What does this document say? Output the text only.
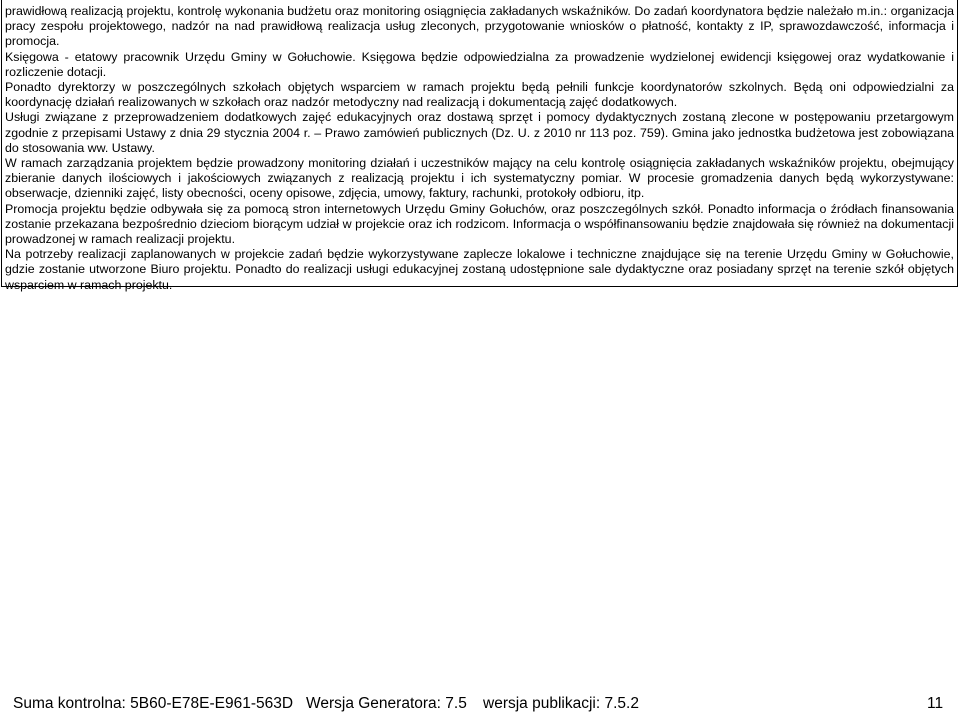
prawidłową realizacją projektu, kontrolę wykonania budżetu oraz monitoring osiągnięcia zakładanych wskaźników. Do zadań koordynatora będzie należało m.in.: organizacja pracy zespołu projektowego, nadzór na nad prawidłową realizacja usług zleconych, przygotowanie wniosków o płatność, kontakty z IP, sprawozdawczość, informacja i promocja.

Księgowa - etatowy pracownik Urzędu Gminy w Gołuchowie. Księgowa będzie odpowiedzialna za prowadzenie wydzielonej ewidencji księgowej oraz wydatkowanie i rozliczenie dotacji.

Ponadto dyrektorzy w poszczególnych szkołach objętych wsparciem w ramach projektu będą pełnili funkcje koordynatorów szkolnych. Będą oni odpowiedzialni za koordynację działań realizowanych w szkołach oraz nadzór metodyczny nad realizacją i dokumentacją zajęć dodatkowych.

Usługi związane z przeprowadzeniem dodatkowych zajęć edukacyjnych oraz dostawą sprzęt i pomocy dydaktycznych zostaną zlecone w postępowaniu przetargowym zgodnie z przepisami Ustawy z dnia 29 stycznia 2004 r. – Prawo zamówień publicznych (Dz. U. z 2010 nr 113 poz. 759). Gmina jako jednostka budżetowa jest zobowiązana do stosowania ww. Ustawy.

W ramach zarządzania projektem będzie prowadzony monitoring działań i uczestników mający na celu kontrolę osiągnięcia zakładanych wskaźników projektu, obejmujący zbieranie danych ilościowych i jakościowych związanych z realizacją projektu i ich systematyczny pomiar. W procesie gromadzenia danych będą wykorzystywane: obserwacje, dzienniki zajęć, listy obecności, oceny opisowe, zdjęcia, umowy, faktury, rachunki, protokoły odbioru, itp.

Promocja projektu będzie odbywała się za pomocą stron internetowych Urzędu Gminy Gołuchów, oraz poszczególnych szkół. Ponadto informacja o źródłach finansowania zostanie przekazana bezpośrednio dzieciom biorącym udział w projekcie oraz ich rodzicom. Informacja o współfinansowaniu będzie znajdowała się również na dokumentacji prowadzonej w ramach realizacji projektu.

Na potrzeby realizacji zaplanowanych w projekcie zadań będzie wykorzystywane zaplecze lokalowe i techniczne znajdujące się na terenie Urzędu Gminy w Gołuchowie, gdzie zostanie utworzone Biuro projektu. Ponadto do realizacji usługi edukacyjnej zostaną udostępnione sale dydaktyczne oraz posiadany sprzęt na terenie szkół objętych wsparciem w ramach projektu.

Suma kontrolna: 5B60-E78E-E961-563D Wersja Generatora: 7.5 wersja publikacji: 7.5.2	11
